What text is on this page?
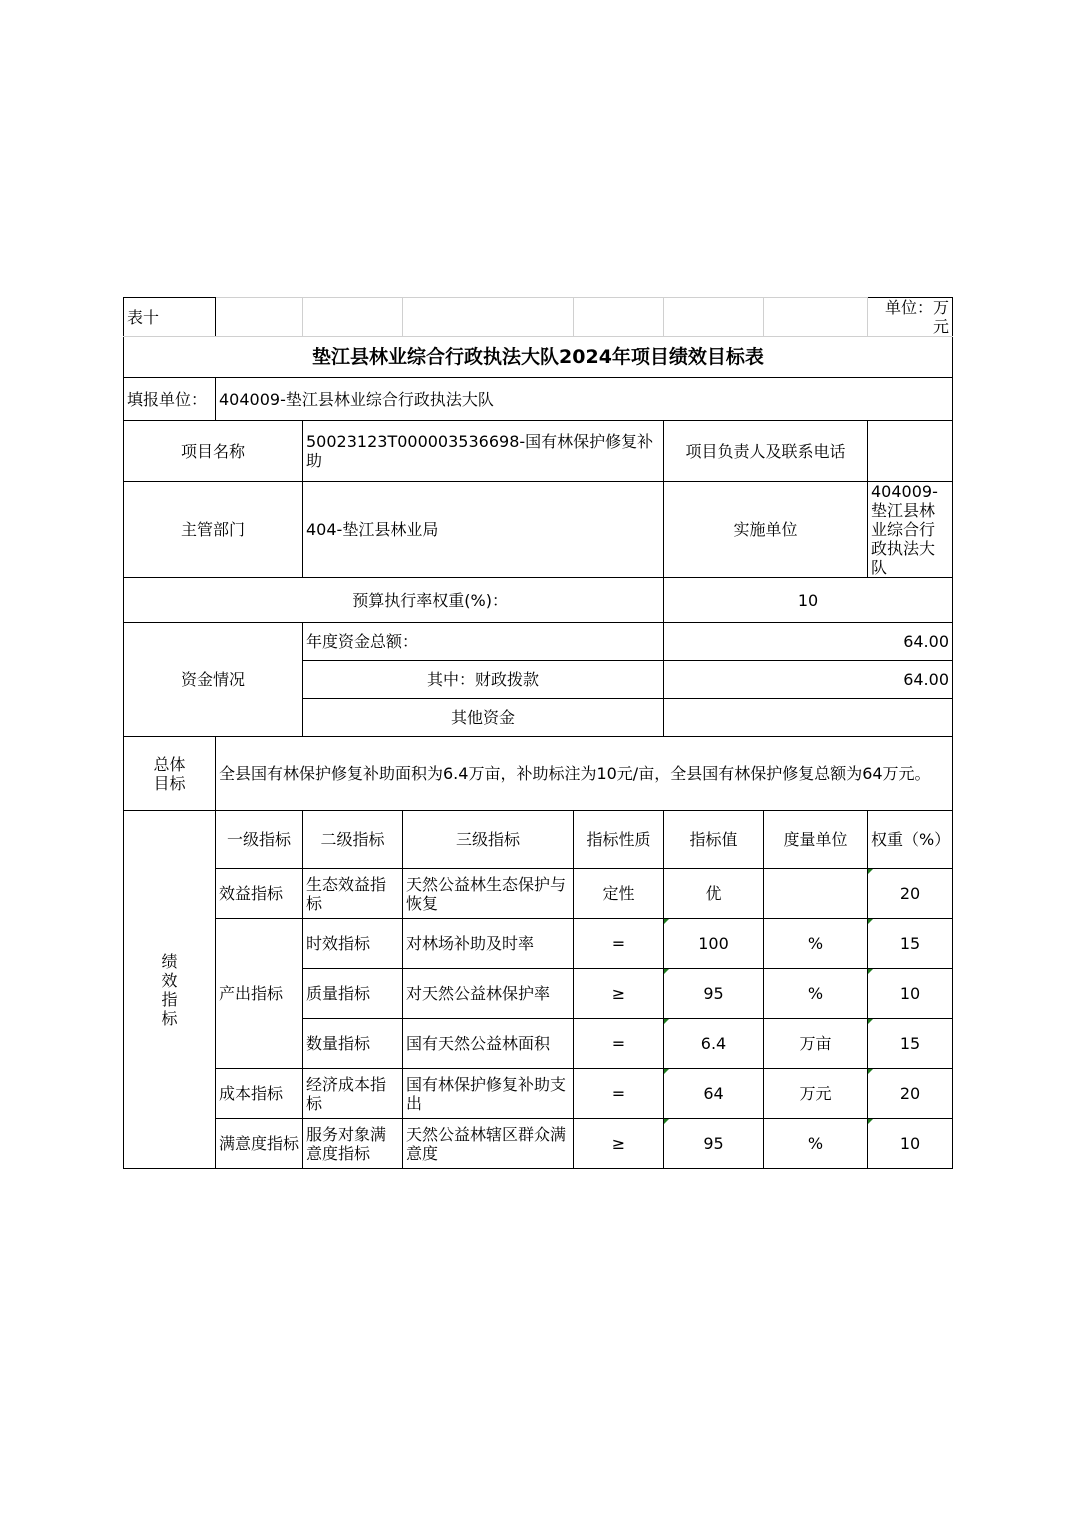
表十							单位：万元
垫江县林业综合行政执法大队2024年项目绩效目标表							
填报单位：	404009-垫江县林业综合行政执法大队						
项目名称		50023123T000003536698-国有林保护修复补助			项目负责人及联系电话		
主管部门		404-垫江县林业局			实施单位		404009-垫江县林业综合行政执法大队
预算执行率权重(%)：					10		
资金情况		年度资金总额：			64.00		
		其中：财政拨款			64.00		
		其他资金					
总体
目标	全县国有林保护修复补助面积为6.4万亩，补助标注为10元/亩，全县国有林保护修复总额为64万元。						
绩
效
指
标	一级指标	二级指标	三级指标	指标性质	指标值	度量单位	权重（%）
	效益指标	生态效益指标	天然公益林生态保护与恢复	定性	优		20
	产出指标	时效指标	对林场补助及时率	=	100	%	15
		质量指标	对天然公益林保护率	≥	95	%	10
		数量指标	国有天然公益林面积	=	6.4	万亩	15
	成本指标	经济成本指标	国有林保护修复补助支出	=	64	万元	20
	满意度指标	服务对象满意度指标	天然公益林辖区群众满意度	≥	95	%	10
